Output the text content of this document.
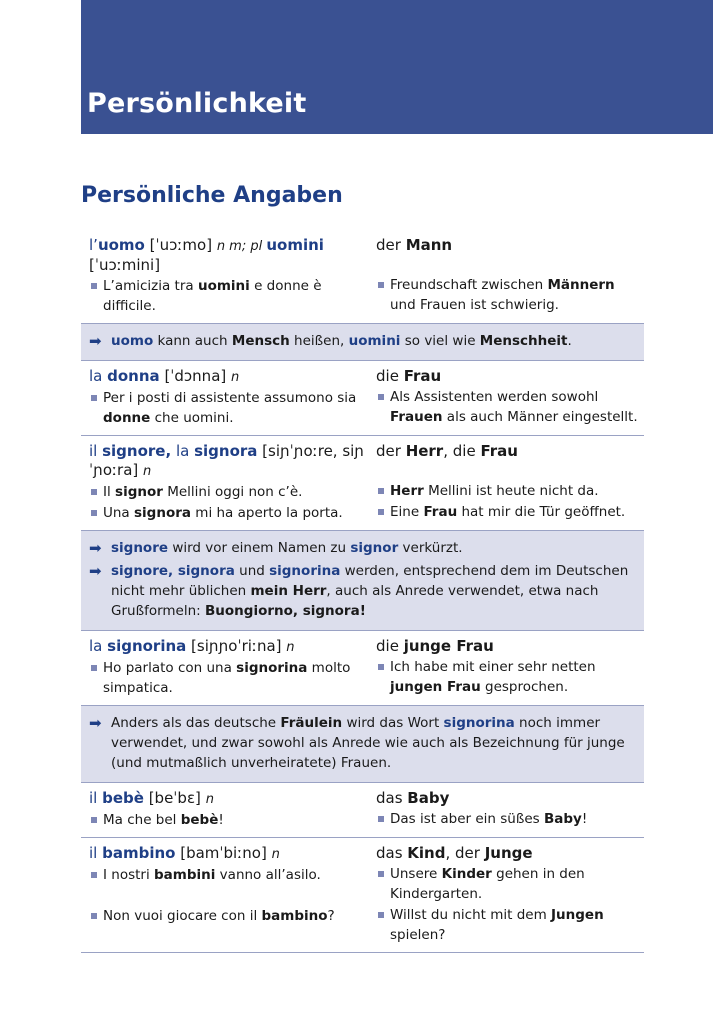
Persönlichkeit
Persönliche Angaben
l’uomo [ˈuɔːmo] n m; pl uomini
[ˈuɔːmini]
L’amicizia tra uomini e donne è difficile.
der Mann
Freundschaft zwischen Männern und Frauen ist schwierig.
➡ uomo kann auch Mensch heißen, uomini so viel wie Menschheit.
la donna [ˈdɔnna] n
Per i posti di assistente assumono sia donne che uomini.
die Frau
Als Assistenten werden sowohl Frauen als auch Männer eingestellt.
il signore, la signora [siɲˈɲoːre, siɲˈɲoːra] n
Il signor Mellini oggi non c’è.
Una signora mi ha aperto la porta.
der Herr, die Frau
Herr Mellini ist heute nicht da.
Eine Frau hat mir die Tür geöffnet.
➡ signore wird vor einem Namen zu signor verkürzt.
➡ signore, signora und signorina werden, entsprechend dem im Deutschen nicht mehr üblichen mein Herr, auch als Anrede verwendet, etwa nach Grußformeln: Buongiorno, signora!
la signorina [siɲɲoˈriːna] n
Ho parlato con una signorina molto simpatica.
die junge Frau
Ich habe mit einer sehr netten jungen Frau gesprochen.
➡ Anders als das deutsche Fräulein wird das Wort signorina noch immer verwendet, und zwar sowohl als Anrede wie auch als Bezeichnung für junge (und mutmaßlich unverheiratete) Frauen.
il bebè [beˈbɛ] n
Ma che bel bebè!
das Baby
Das ist aber ein süßes Baby!
il bambino [bamˈbiːno] n
I nostri bambini vanno all’asilo.
Non vuoi giocare con il bambino?
das Kind, der Junge
Unsere Kinder gehen in den Kindergarten.
Willst du nicht mit dem Jungen spielen?
